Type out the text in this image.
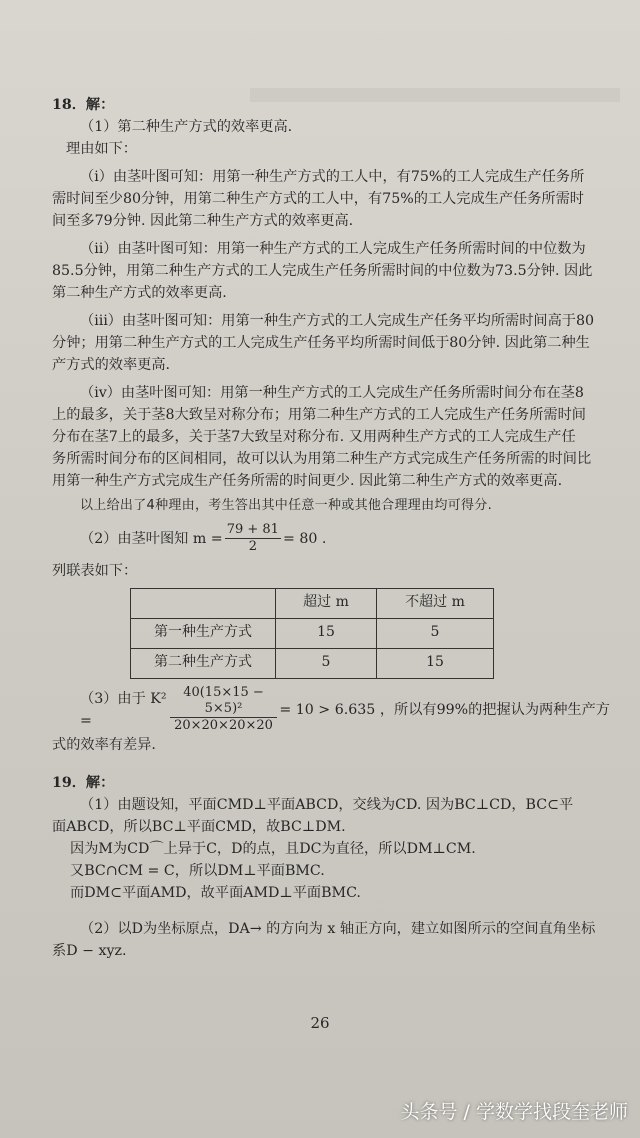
18．解：

（1）第二种生产方式的效率更高.

理由如下：

（ⅰ）由茎叶图可知：用第一种生产方式的工人中，有75%的工人完成生产任务所

需时间至少80分钟，用第二种生产方式的工人中，有75%的工人完成生产任务所需时

间至多79分钟. 因此第二种生产方式的效率更高.

（ⅱ）由茎叶图可知：用第一种生产方式的工人完成生产任务所需时间的中位数为

85.5分钟，用第二种生产方式的工人完成生产任务所需时间的中位数为73.5分钟. 因此

第二种生产方式的效率更高.

（ⅲ）由茎叶图可知：用第一种生产方式的工人完成生产任务平均所需时间高于80

分钟；用第二种生产方式的工人完成生产任务平均所需时间低于80分钟. 因此第二种生

产方式的效率更高.

（ⅳ）由茎叶图可知：用第一种生产方式的工人完成生产任务所需时间分布在茎8

上的最多，关于茎8大致呈对称分布；用第二种生产方式的工人完成生产任务所需时间

分布在茎7上的最多，关于茎7大致呈对称分布. 又用两种生产方式的工人完成生产任

务所需时间分布的区间相同，故可以认为用第二种生产方式完成生产任务所需的时间比

用第一种生产方式完成生产任务所需的时间更少. 因此第二种生产方式的效率更高.

以上给出了4种理由，考生答出其中任意一种或其他合理理由均可得分.

（2）由茎叶图知 $m = \frac{79 + 81}{2} = 80$ .

列联表如下：

	超过 m	不超过 m
第一种生产方式	15	5
第二种生产方式	5	15
（3）由于 K² =	$\frac{\text{40(15×15 − 5×5)²}}{20\times 20\times 20\times 20} = 10 > 6.635$ ，所以有99%的把握认为两种生产方

式的效率有差异.

19．解：

（1）由题设知，平面CMD⊥平面ABCD，交线为CD. 因为BC⊥CD，BC⊂平

面ABCD，所以BC⊥平面CMD，故BC⊥DM.

因为M为CD⌒上异于C，D的点，且DC为直径，所以DM⊥CM.

又BC∩CM = C，所以DM⊥平面BMC.

而DM⊂平面AMD，故平面AMD⊥平面BMC.

（2）以D为坐标原点，DA→ 的方向为 x 轴正方向，建立如图所示的空间直角坐标

系D − xyz.

26
头条号 / 学数学找段奎老师
